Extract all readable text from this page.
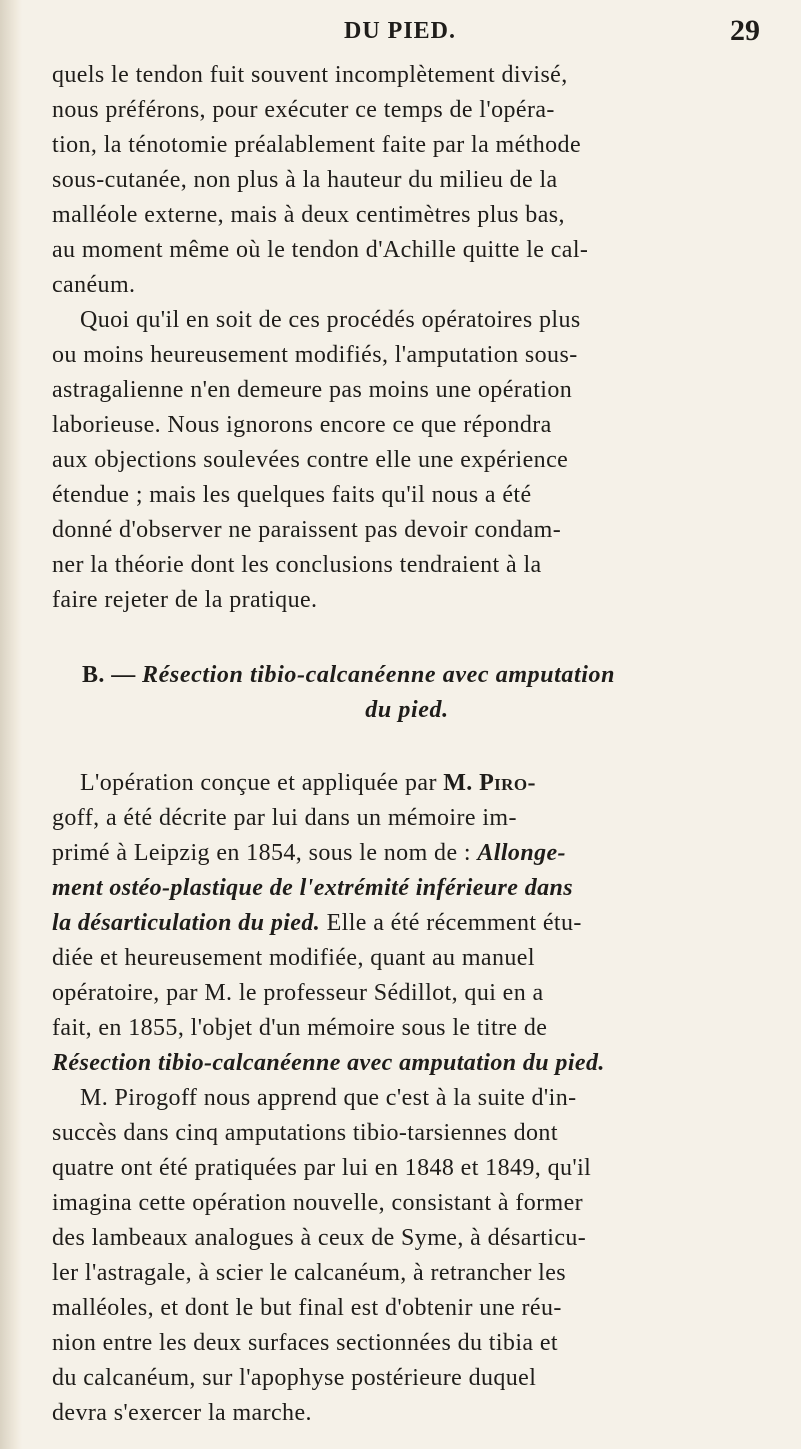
DU PIED.	29
quels le tendon fuit souvent incomplètement divisé,
nous préférons, pour exécuter ce temps de l'opéra-
tion, la ténotomie préalablement faite par la méthode
sous-cutanée, non plus à la hauteur du milieu de la
malléole externe, mais à deux centimètres plus bas,
au moment même où le tendon d'Achille quitte le cal-
canéum.
Quoi qu'il en soit de ces procédés opératoires plus
ou moins heureusement modifiés, l'amputation sous-
astragalienne n'en demeure pas moins une opération
laborieuse. Nous ignorons encore ce que répondra
aux objections soulevées contre elle une expérience
étendue ; mais les quelques faits qu'il nous a été
donné d'observer ne paraissent pas devoir condam-
ner la théorie dont les conclusions tendraient à la
faire rejeter de la pratique.
B. — Résection tibio-calcanéenne avec amputation
du pied.
L'opération conçue et appliquée par M. Piro-
goff, a été décrite par lui dans un mémoire im-
primé à Leipzig en 1854, sous le nom de : Allonge-
ment ostéo-plastique de l'extrémité inférieure dans
la désarticulation du pied. Elle a été récemment étu-
diée et heureusement modifiée, quant au manuel
opératoire, par M. le professeur Sédillot, qui en a
fait, en 1855, l'objet d'un mémoire sous le titre de
Résection tibio-calcanéenne avec amputation du pied.
M. Pirogoff nous apprend que c'est à la suite d'in-
succès dans cinq amputations tibio-tarsiennes dont
quatre ont été pratiquées par lui en 1848 et 1849, qu'il
imagina cette opération nouvelle, consistant à former
des lambeaux analogues à ceux de Syme, à désarticu-
ler l'astragale, à scier le calcanéum, à retrancher les
malléoles, et dont le but final est d'obtenir une réu-
nion entre les deux surfaces sectionnées du tibia et
du calcanéum, sur l'apophyse postérieure duquel
devra s'exercer la marche.
